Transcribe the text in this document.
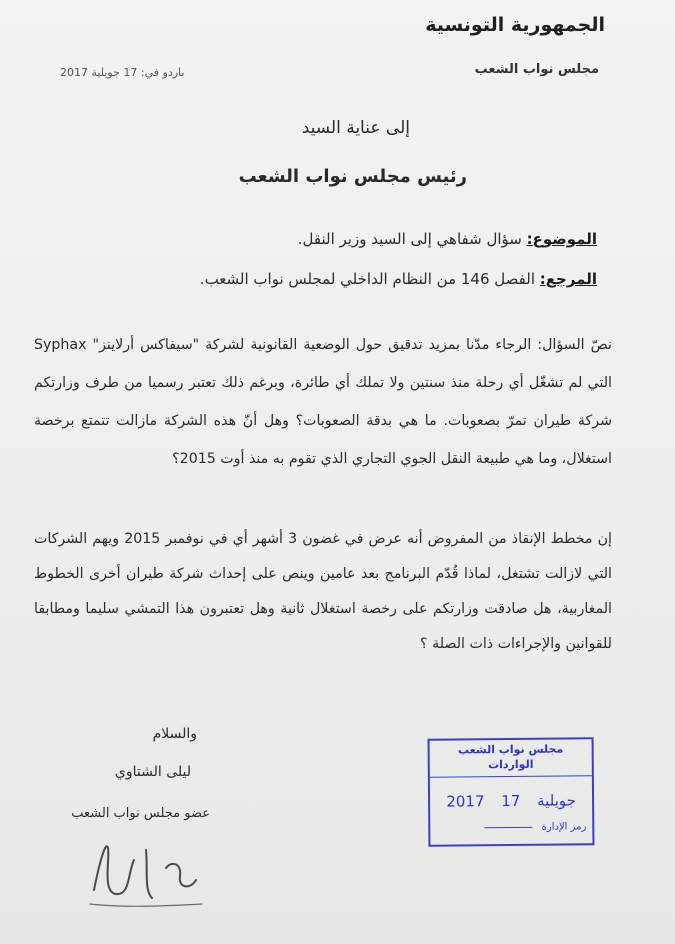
الجمهورية التونسية
مجلس نواب الشعب
باردو في: 17 جويلية 2017
إلى عناية السيد
رئيس مجلس نواب الشعب
الموضوع: سؤال شفاهي إلى السيد وزير النقل.
المرجع: الفصل 146 من النظام الداخلي لمجلس نواب الشعب.
نصّ السؤال: الرجاء مدّنا بمزيد تدقيق حول الوضعية القانونية لشركة "سيفاكس أرلاينز" Syphax التي لم تشغّل أي رحلة منذ سنتين ولا تملك أي طائرة، وبرغم ذلك تعتبر رسميا من طرف وزارتكم شركة طيران تمرّ بصعوبات. ما هي بدقة الصعوبات؟ وهل أنّ هذه الشركة مازالت تتمتع برخصة استغلال، وما هي طبيعة النقل الجوي التجاري الذي تقوم به منذ أوت 2015؟
إن مخطط الإنقاذ من المفروض أنه عرض في غضون 3 أشهر أي في نوفمبر 2015 ويهم الشركات التي لازالت تشتغل، لماذا قُدّم البرنامج بعد عامين وينص على إحداث شركة طيران أخرى الخطوط المغاربية، هل صادقت وزارتكم على رخصة استغلال ثانية وهل تعتبرون هذا التمشي سليما ومطابقا للقوانين والإجراءات ذات الصلة ؟
والسلام
ليلى الشتاوي
عضو مجلس نواب الشعب
مجلس نواب الشعب
الواردات
2017	جويلية 17
رمز الإدارة
